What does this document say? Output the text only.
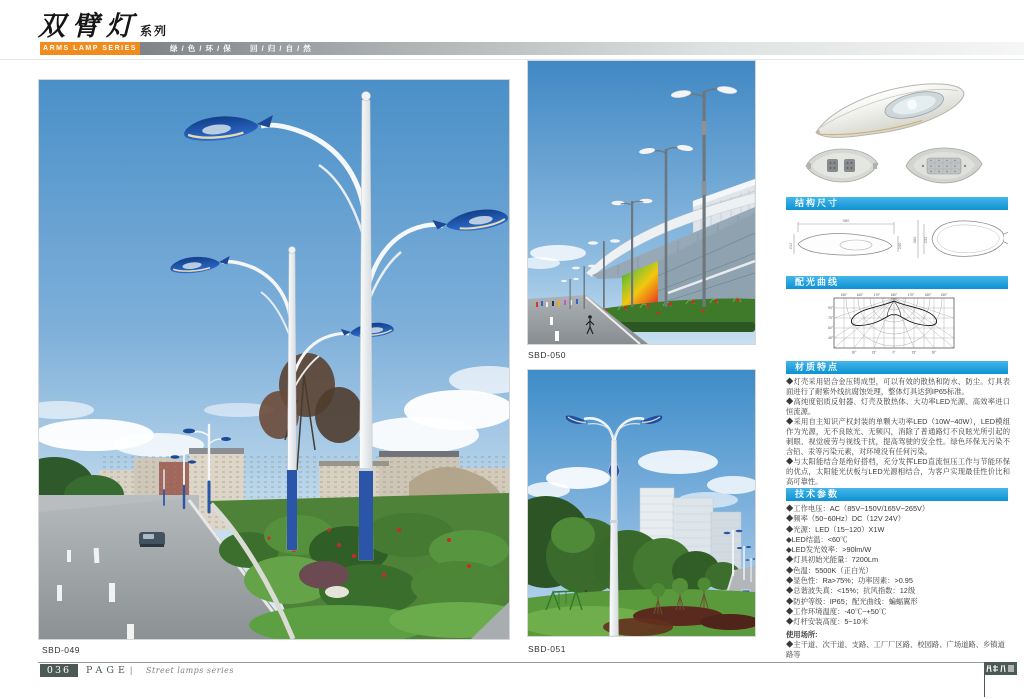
双臂灯系列
ARMS LAMP SERIES	绿 / 色 / 环 / 保 回 / 归 / 自 / 然
SBD-049
SBD-050
SBD-051
结构尺寸
980
212	240
380 232
配光曲线
150°	160°	170°	180°	170°	160°	150°
30°	15°	0°	15°	30°
90°
75°
60°
45°
材质特点

◆灯壳采用铝合金压铸成型，可以有效的散热和防水、防尘。灯具表面进行了耐紫外线抗腐蚀处理，整体灯具达到IP65标准。

◆高纯度铝质反射器、灯壳及散热体、大功率LED光源、高效率进口恒流源。

◆采用自主知识产权封装的单颗大功率LED（10W~40W），LED模组作为光源，无不良眩光、无频闪，消除了普通路灯不良眩光所引起的刺眼、视觉疲劳与视线干扰，提高驾驶的安全性。绿色环保无污染不含铅、汞等污染元素，对环境没有任何污染。

◆与太阳能结合是绝好搭档，充分发挥LED直流恒压工作与节能环保的优点，太阳能光伏板与LED光源相结合，为客户实现最佳性价比和高可靠性。

技术参数
◆工作电压：AC（85V~150V/165V~265V）
◆频率（50~60Hz）DC（12V 24V）
◆光源：LED（15~120）X1W
◆LED结温：<60℃
◆LED发光效率：>90lm/W
◆灯具初始光能量：7200Lm
◆色温：5500K（正白光）
◆显色性：Ra>75%；功率因素：>0.95
◆总谐波失真：<15%；抗风指数：12级
◆防护等级：IP65；配光曲线：蝙蝠翼形
◆工作环境温度：-40℃~+50℃
◆灯杆安装高度：5~10米
使用场所:
◆主干道、次干道、支路、工厂厂区路、校园路、广场道路、乡镇道路等
036	PAGE | Street lamps series
